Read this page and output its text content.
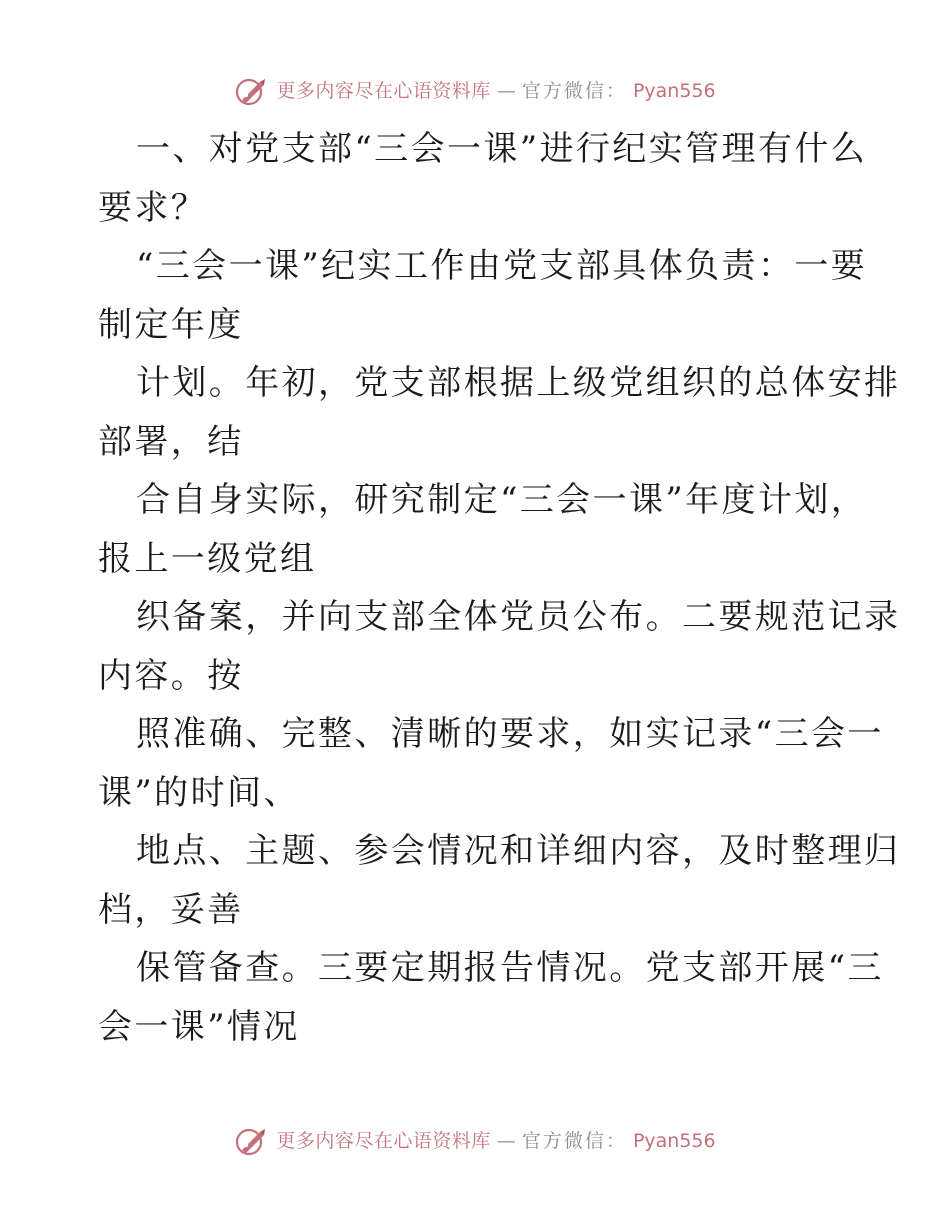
更多内容尽在心语资料库 — 官方微信： Pyan556
一、对党支部“三会一课”进行纪实管理有什么
要求？
“三会一课”纪实工作由党支部具体负责：一要
制定年度
计划。年初，党支部根据上级党组织的总体安排
部署，结
合自身实际，研究制定“三会一课”年度计划，
报上一级党组
织备案，并向支部全体党员公布。二要规范记录
内容。按
照准确、完整、清晰的要求，如实记录“三会一
课”的时间、
地点、主题、参会情况和详细内容，及时整理归
档，妥善
保管备查。三要定期报告情况。党支部开展“三
会一课”情况
更多内容尽在心语资料库 — 官方微信： Pyan556
